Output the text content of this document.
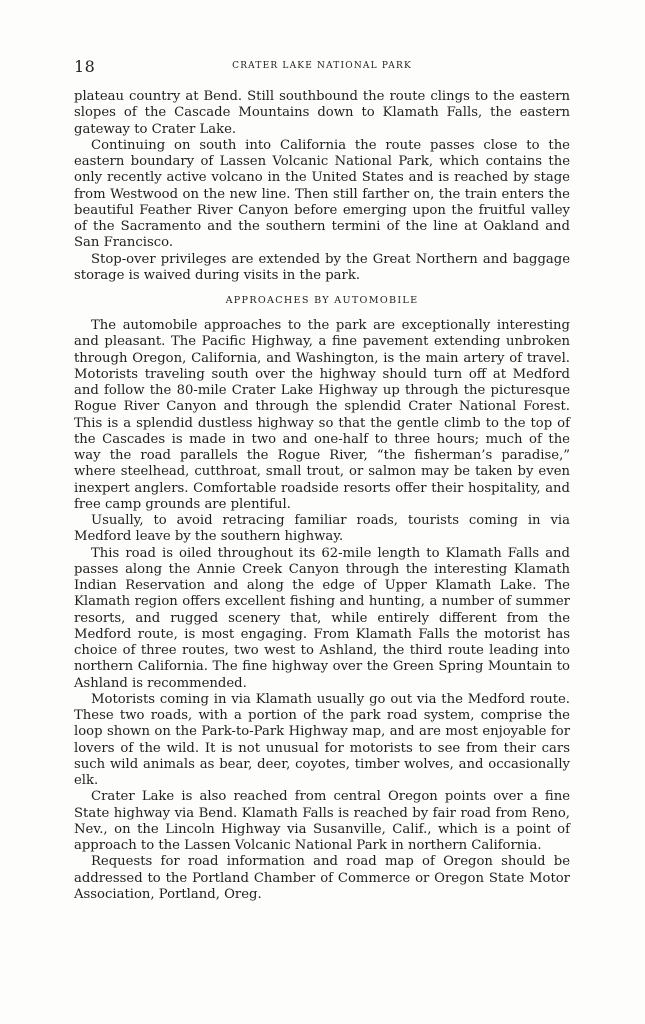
18	CRATER LAKE NATIONAL PARK

plateau country at Bend. Still southbound the route clings to the eastern slopes of the Cascade Mountains down to Klamath Falls, the eastern gateway to Crater Lake.

Continuing on south into California the route passes close to the eastern boundary of Lassen Volcanic National Park, which contains the only recently active volcano in the United States and is reached by stage from Westwood on the new line. Then still farther on, the train enters the beautiful Feather River Canyon before emerging upon the fruitful valley of the Sacramento and the southern termini of the line at Oakland and San Francisco.

Stop-over privileges are extended by the Great Northern and baggage storage is waived during visits in the park.

APPROACHES BY AUTOMOBILE

The automobile approaches to the park are exceptionally interesting and pleasant. The Pacific Highway, a fine pavement extending unbroken through Oregon, California, and Washington, is the main artery of travel. Motorists traveling south over the highway should turn off at Medford and follow the 80-mile Crater Lake Highway up through the picturesque Rogue River Canyon and through the splendid Crater National Forest. This is a splendid dustless highway so that the gentle climb to the top of the Cascades is made in two and one-half to three hours; much of the way the road parallels the Rogue River, “the fisherman’s paradise,” where steelhead, cutthroat, small trout, or salmon may be taken by even inexpert anglers. Comfortable roadside resorts offer their hospitality, and free camp grounds are plentiful.

Usually, to avoid retracing familiar roads, tourists coming in via Medford leave by the southern highway.

This road is oiled throughout its 62-mile length to Klamath Falls and passes along the Annie Creek Canyon through the interesting Klamath Indian Reservation and along the edge of Upper Klamath Lake. The Klamath region offers excellent fishing and hunting, a number of summer resorts, and rugged scenery that, while entirely different from the Medford route, is most engaging. From Klamath Falls the motorist has choice of three routes, two west to Ashland, the third route leading into northern California. The fine highway over the Green Spring Mountain to Ashland is recommended.

Motorists coming in via Klamath usually go out via the Medford route. These two roads, with a portion of the park road system, comprise the loop shown on the Park-to-Park Highway map, and are most enjoyable for lovers of the wild. It is not unusual for motorists to see from their cars such wild animals as bear, deer, coyotes, timber wolves, and occasionally elk.

Crater Lake is also reached from central Oregon points over a fine State highway via Bend. Klamath Falls is reached by fair road from Reno, Nev., on the Lincoln Highway via Susanville, Calif., which is a point of approach to the Lassen Volcanic National Park in northern California.

Requests for road information and road map of Oregon should be addressed to the Portland Chamber of Commerce or Oregon State Motor Association, Portland, Oreg.
